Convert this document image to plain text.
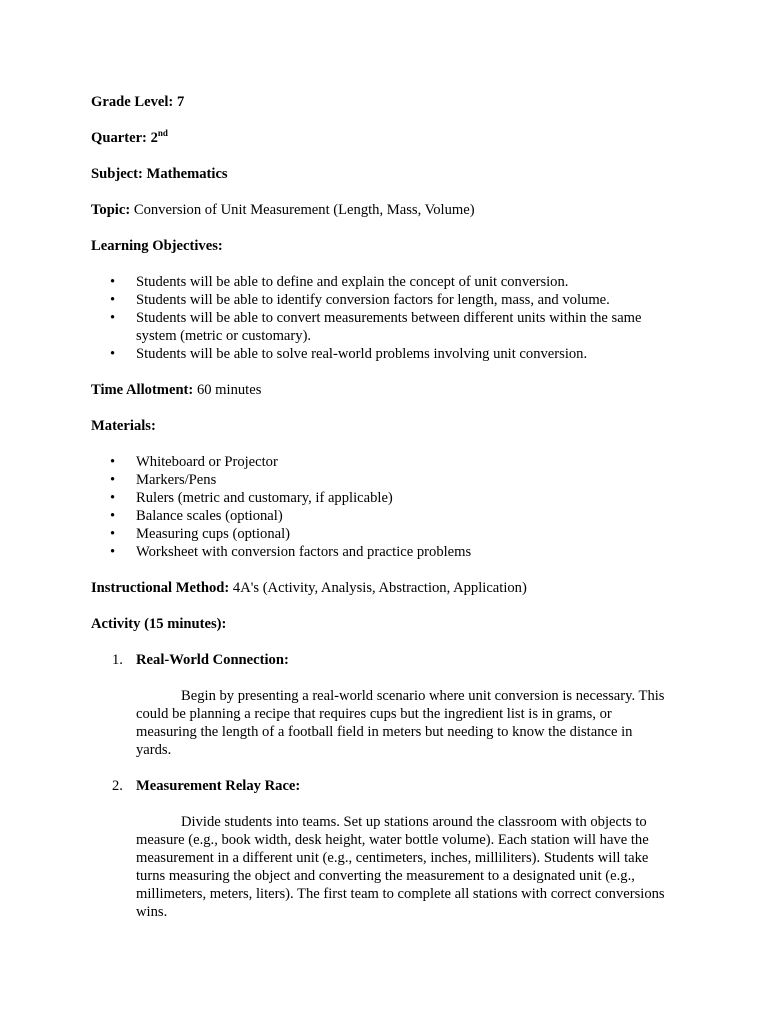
Grade Level: 7

Quarter: 2nd

Subject: Mathematics

Topic: Conversion of Unit Measurement (Length, Mass, Volume)

Learning Objectives:

• Students will be able to define and explain the concept of unit conversion.
• Students will be able to identify conversion factors for length, mass, and volume.
• Students will be able to convert measurements between different units within the same system (metric or customary).
• Students will be able to solve real-world problems involving unit conversion.

Time Allotment: 60 minutes

Materials:

• Whiteboard or Projector
• Markers/Pens
• Rulers (metric and customary, if applicable)
• Balance scales (optional)
• Measuring cups (optional)
• Worksheet with conversion factors and practice problems

Instructional Method: 4A's (Activity, Analysis, Abstraction, Application)

Activity (15 minutes):

1. Real-World Connection:

Begin by presenting a real-world scenario where unit conversion is necessary. This could be planning a recipe that requires cups but the ingredient list is in grams, or measuring the length of a football field in meters but needing to know the distance in yards.

2. Measurement Relay Race:

Divide students into teams. Set up stations around the classroom with objects to measure (e.g., book width, desk height, water bottle volume). Each station will have the measurement in a different unit (e.g., centimeters, inches, milliliters). Students will take turns measuring the object and converting the measurement to a designated unit (e.g., millimeters, meters, liters). The first team to complete all stations with correct conversions wins.
